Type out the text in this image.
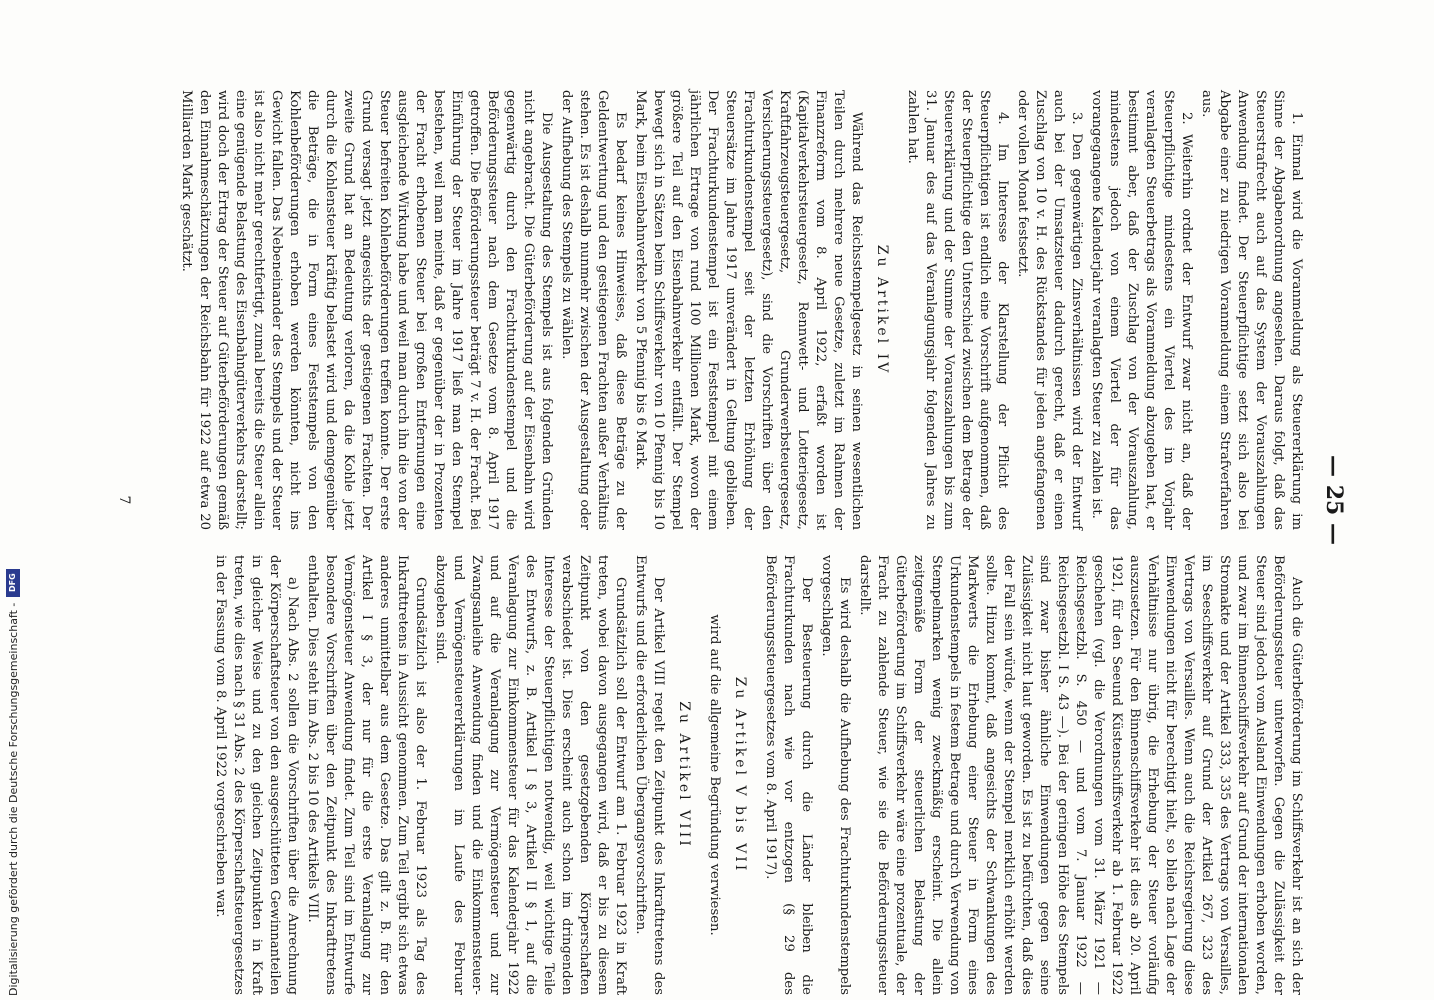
— 25 —

1. Einmal wird die Voranmeldung als Steuererklärung im Sinne der Abgabenordnung angesehen. Daraus folgt, daß das Steuerstrafrecht auch auf das System der Vorauszahlungen Anwendung findet. Der Steuerpflichtige setzt sich also bei Abgabe einer zu niedrigen Voranmeldung einem Strafverfahren aus.

2. Weiterhin ordnet der Entwurf zwar nicht an, daß der Steuerpflichtige mindestens ein Viertel des im Vorjahr veranlagten Steuerbetrags als Voranmeldung abzugeben hat, er bestimmt aber, daß der Zuschlag von der Vorauszahlung, mindestens jedoch von einem Viertel der für das vorangegangene Kalenderjahr veranlagten Steuer zu zahlen ist.

3. Den gegenwärtigen Zinsverhältnissen wird der Entwurf auch bei der Umsatzsteuer dadurch gerecht, daß er einen Zuschlag von 10 v. H. des Rückstandes für jeden angefangenen oder vollen Monat festsetzt.

4. Im Interesse der Klarstellung der Pflicht des Steuerpflichtigen ist endlich eine Vorschrift aufgenommen, daß der Steuerpflichtige den Unterschied zwischen dem Betrage der Steuererklärung und der Summe der Vorauszahlungen bis zum 31. Januar des auf das Veranlagungsjahr folgenden Jahres zu zahlen hat.

Zu Artikel IV

Während das Reichsstempelgesetz in seinen wesentlichen Teilen durch mehrere neue Gesetze, zuletzt im Rahmen der Finanzreform vom 8. April 1922, erfaßt worden ist (Kapitalverkehrsteuergesetz, Rennwett- und Lotteriegesetz, Kraftfahrzeugsteuergesetz, Grunderwerbsteuergesetz, Versicherungssteuergesetz), sind die Vorschriften über den Frachturkundenstempel seit der letzten Erhöhung der Steuersätze im Jahre 1917 unverändert in Geltung geblieben. Der Frachturkundenstempel ist ein Feststempel mit einem jährlichen Ertrage von rund 100 Millionen Mark, wovon der größere Teil auf den Eisenbahnverkehr entfällt. Der Stempel bewegt sich in Sätzen beim Schiffsverkehr von 10 Pfennig bis 10 Mark, beim Eisenbahnverkehr von 5 Pfennig bis 6 Mark.

Es bedarf keines Hinweises, daß diese Beträge zu der Geldentwertung und den gestiegenen Frachten außer Verhältnis stehen. Es ist deshalb nunmehr zwischen der Ausgestaltung oder der Aufhebung des Stempels zu wählen.

Die Ausgestaltung des Stempels ist aus folgenden Gründen nicht angebracht. Die Güterbeförderung auf der Eisenbahn wird gegenwärtig durch den Frachturkundenstempel und die Beförderungssteuer nach dem Gesetze vom 8. April 1917 getroffen. Die Beförderungssteuer beträgt 7 v. H. der Fracht. Bei Einführung der Steuer im Jahre 1917 ließ man den Stempel bestehen, weil man meinte, daß er gegenüber der in Prozenten der Fracht erhobenen Steuer bei großen Entfernungen eine ausgleichende Wirkung habe und weil man durch ihn die von der Steuer befreiten Kohlenbeförderungen treffen konnte. Der erste Grund versagt jetzt angesichts der gestiegenen Frachten. Der zweite Grund hat an Bedeutung verloren, da die Kohle jetzt durch die Kohlensteuer kräftig belastet wird und demgegenüber die Beträge, die in Form eines Feststempels von den Kohlenbeförderungen erhoben werden könnten, nicht ins Gewicht fallen. Das Nebeneinander des Stempels und der Steuer ist also nicht mehr gerechtfertigt, zumal bereits die Steuer allein eine genügende Belastung des Eisenbahngüterverkehrs darstellt; wird doch der Ertrag der Steuer auf Güterbeförderungen gemäß den Einnahmeschätzungen der Reichsbahn für 1922 auf etwa 20 Milliarden Mark geschätzt.

Auch die Güterbeförderung im Schiffsverkehr ist an sich der Beförderungssteuer unterworfen. Gegen die Zulässigkeit der Steuer sind jedoch vom Ausland Einwendungen erhoben worden, und zwar im Binnenschiffsverkehr auf Grund der internationalen Stromakte und der Artikel 333, 335 des Vertrags von Versailles, im Seeschiffsverkehr auf Grund der Artikel 267, 323 des Vertrags von Versailles. Wenn auch die Reichsregierung diese Einwendungen nicht für berechtigt hielt, so blieb nach Lage der Verhältnisse nur übrig, die Erhebung der Steuer vorläufig auszusetzen. Für den Binnenschiffsverkehr ist dies ab 20. April 1921, für den Seeund Küstenschiffsverkehr ab 1. Februar 1922 geschehen (vgl. die Verordnungen vom 31. März 1921 — Reichsgesetzbl. S. 450 — und vom 7. Januar 1922 — Reichsgesetzbl. I S. 43 —). Bei der geringen Höhe des Stempels sind zwar bisher ähnliche Einwendungen gegen seine Zulässigkeit nicht laut geworden. Es ist zu befürchten, daß dies der Fall sein würde, wenn der Stempel merklich erhöht werden sollte. Hinzu kommt, daß angesichts der Schwankungen des Markwerts die Erhebung einer Steuer in Form eines Urkundenstempels in festem Betrage und durch Verwendung von Stempelmarken wenig zweckmäßig erscheint. Die allein zeitgemäße Form der steuerlichen Belastung der Güterbeförderung im Schiffsverkehr wäre eine prozentuale, der Fracht zu zahlende Steuer, wie sie die Beförderungssteuer darstellt.

Es wird deshalb die Aufhebung des Frachturkundenstempels vorgeschlagen.

Der Besteuerung durch die Länder bleiben die Frachturkunden nach wie vor entzogen (§ 29 des Beförderungssteuergesetzes vom 8. April 1917).

Zu Artikel V bis VII

wird auf die allgemeine Begründung verwiesen.

Zu Artikel VIII

Der Artikel VIII regelt den Zeitpunkt des Inkrafttretens des Entwurfs und die erforderlichen Übergangsvorschriften.

Grundsätzlich soll der Entwurf am 1. Februar 1923 in Kraft treten, wobei davon ausgegangen wird, daß er bis zu diesem Zeitpunkt von den gesetzgebenden Körperschaften verabschiedet ist. Dies erscheint auch schon im dringenden Interesse der Steuerpflichtigen notwendig, weil wichtige Teile des Entwurfs, z. B. Artikel I § 3, Artikel II § 1, auf die Veranlagung zur Einkommensteuer für das Kalenderjahr 1922 und auf die Veranlagung zur Vermögensteuer und zur Zwangsanleihe Anwendung finden und die Einkommensteuer- und Vermögensteuererklärungen im Laufe des Februar abzugeben sind.

Grundsätzlich ist also der 1. Februar 1923 als Tag des Inkrafttretens in Aussicht genommen. Zum Teil ergibt sich etwas anderes unmittelbar aus dem Gesetze. Das gilt z. B. für den Artikel I § 3, der nur für die erste Veranlagung zur Vermögensteuer Anwendung findet. Zum Teil sind im Entwurfe besondere Vorschriften über den Zeitpunkt des Inkrafttretens enthalten. Dies steht im Abs. 2 bis 10 des Artikels VIII.

a) Nach Abs. 2 sollen die Vorschriften über die Anrechnung der Körperschaftsteuer von den ausgeschütteten Gewinnanteilen in gleicher Weise und zu den gleichen Zeitpunkten in Kraft treten, wie dies nach § 31 Abs. 2 des Körperschaftsteuergesetzes in der Fassung vom 8. April 1922 vorgeschrieben war.

7
Digitalisierung gefördert durch die Deutsche Forschungsgemeinschaft -
DFG
